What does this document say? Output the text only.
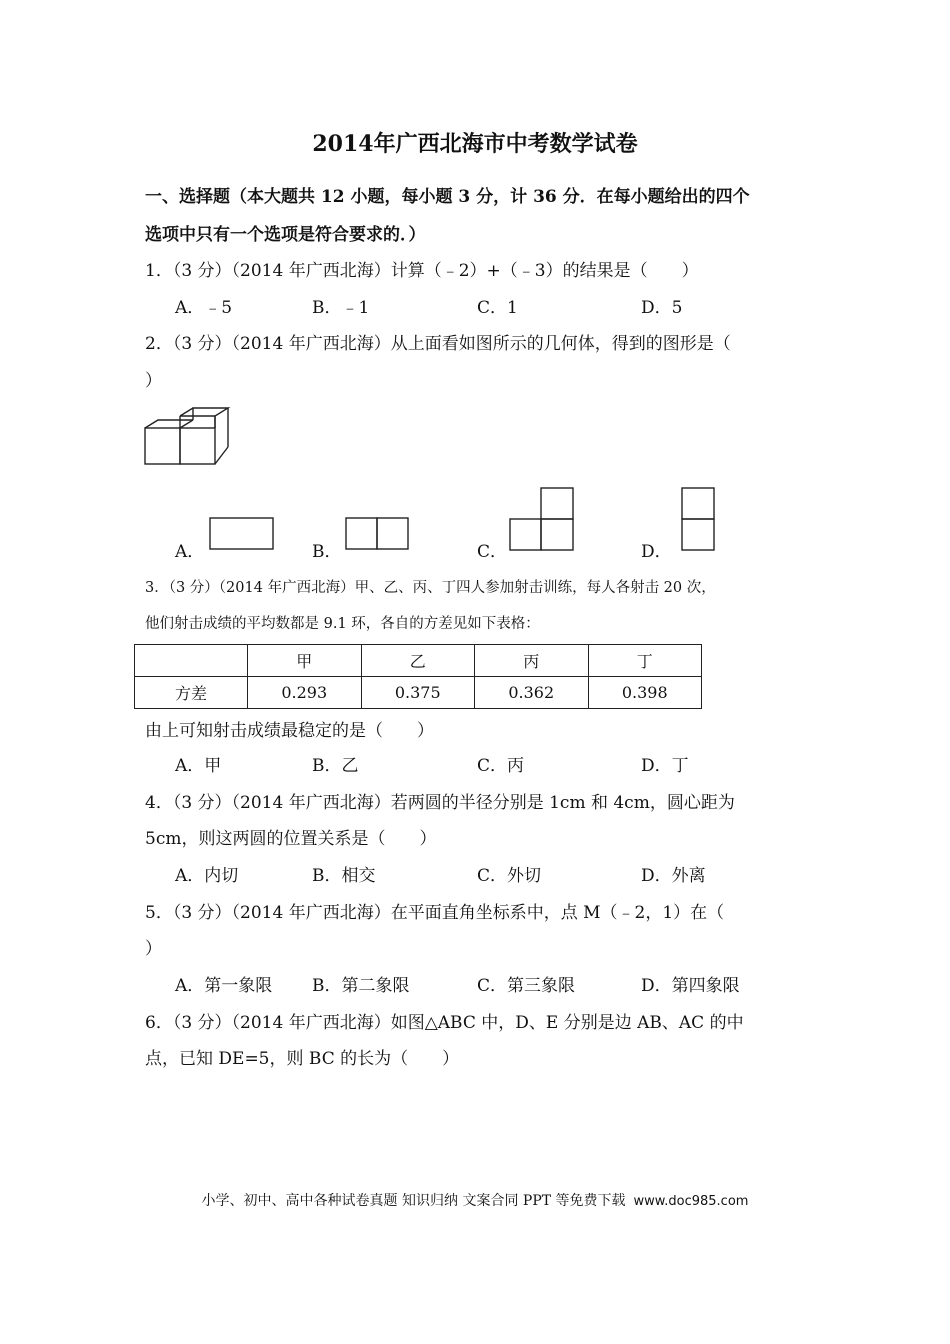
2014年广西北海市中考数学试卷
一、选择题（本大题共 12 小题，每小题 3 分，计 36 分．在每小题给出的四个
选项中只有一个选项是符合要求的．）
1．（3 分）（2014 年广西北海）计算（﹣2）+（﹣3）的结果是（　　）
A．﹣5	B．﹣1	C．1	D．5
2．（3 分）（2014 年广西北海）从上面看如图所示的几何体，得到的图形是（
）
A．	B．	C．	D．
3．（3 分）（2014 年广西北海）甲、乙、丙、丁四人参加射击训练，每人各射击 20 次，
他们射击成绩的平均数都是 9.1 环，各自的方差见如下表格：
	甲	乙	丙	丁
方差	0.293	0.375	0.362	0.398
由上可知射击成绩最稳定的是（　　）
A．甲	B．乙	C．丙	D．丁
4．（3 分）（2014 年广西北海）若两圆的半径分别是 1cm 和 4cm，圆心距为
5cm，则这两圆的位置关系是（　　）
A．内切	B．相交	C．外切	D．外离
5．（3 分）（2014 年广西北海）在平面直角坐标系中，点 M（﹣2，1）在（
）
A．第一象限 B．第二象限	C．第三象限	D．第四象限
6．（3 分）（2014 年广西北海）如图△ABC 中，D、E 分别是边 AB、AC 的中
点，已知 DE=5，则 BC 的长为（　　）
小学、初中、高中各种试卷真题 知识归纳 文案合同 PPT 等免费下载 www.doc985.com
